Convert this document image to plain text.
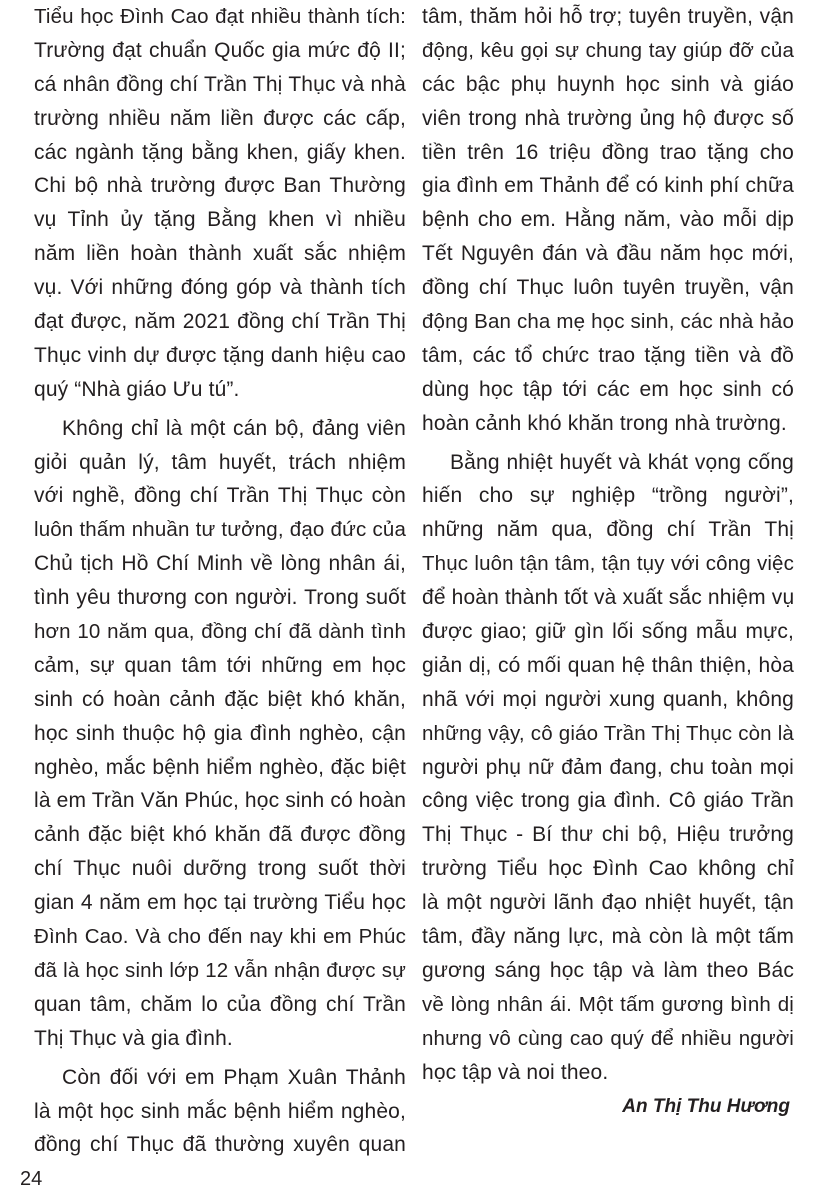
Tiểu học Đình Cao đạt nhiều thành tích:
Trường đạt chuẩn Quốc gia mức độ II;
cá nhân đồng chí Trần Thị Thục và nhà
trường nhiều năm liền được các cấp,
các ngành tặng bằng khen, giấy khen.
Chi bộ nhà trường được Ban Thường
vụ Tỉnh ủy tặng Bằng khen vì nhiều
năm liền hoàn thành xuất sắc nhiệm
vụ. Với những đóng góp và thành tích
đạt được, năm 2021 đồng chí Trần Thị
Thục vinh dự được tặng danh hiệu cao
quý “Nhà giáo Ưu tú”.
Không chỉ là một cán bộ, đảng viên
giỏi quản lý, tâm huyết, trách nhiệm
với nghề, đồng chí Trần Thị Thục còn
luôn thấm nhuần tư tưởng, đạo đức của
Chủ tịch Hồ Chí Minh về lòng nhân ái,
tình yêu thương con người. Trong suốt
hơn 10 năm qua, đồng chí đã dành tình
cảm, sự quan tâm tới những em học
sinh có hoàn cảnh đặc biệt khó khăn,
học sinh thuộc hộ gia đình nghèo, cận
nghèo, mắc bệnh hiểm nghèo, đặc biệt
là em Trần Văn Phúc, học sinh có hoàn
cảnh đặc biệt khó khăn đã được đồng
chí Thục nuôi dưỡng trong suốt thời
gian 4 năm em học tại trường Tiểu học
Đình Cao. Và cho đến nay khi em Phúc
đã là học sinh lớp 12 vẫn nhận được sự
quan tâm, chăm lo của đồng chí Trần
Thị Thục và gia đình.
Còn đối với em Phạm Xuân Thảnh
là một học sinh mắc bệnh hiểm nghèo,
đồng chí Thục đã thường xuyên quan
tâm, thăm hỏi hỗ trợ; tuyên truyền, vận
động, kêu gọi sự chung tay giúp đỡ của
các bậc phụ huynh học sinh và giáo
viên trong nhà trường ủng hộ được số
tiền trên 16 triệu đồng trao tặng cho
gia đình em Thảnh để có kinh phí chữa
bệnh cho em. Hằng năm, vào mỗi dịp
Tết Nguyên đán và đầu năm học mới,
đồng chí Thục luôn tuyên truyền, vận
động Ban cha mẹ học sinh, các nhà hảo
tâm, các tổ chức trao tặng tiền và đồ
dùng học tập tới các em học sinh có
hoàn cảnh khó khăn trong nhà trường.
Bằng nhiệt huyết và khát vọng cống
hiến cho sự nghiệp “trồng người”,
những năm qua, đồng chí Trần Thị
Thục luôn tận tâm, tận tụy với công việc
để hoàn thành tốt và xuất sắc nhiệm vụ
được giao; giữ gìn lối sống mẫu mực,
giản dị, có mối quan hệ thân thiện, hòa
nhã với mọi người xung quanh, không
những vậy, cô giáo Trần Thị Thục còn là
người phụ nữ đảm đang, chu toàn mọi
công việc trong gia đình. Cô giáo Trần
Thị Thục - Bí thư chi bộ, Hiệu trưởng
trường Tiểu học Đình Cao không chỉ
là một người lãnh đạo nhiệt huyết, tận
tâm, đầy năng lực, mà còn là một tấm
gương sáng học tập và làm theo Bác
về lòng nhân ái. Một tấm gương bình dị
nhưng vô cùng cao quý để nhiều người
học tập và noi theo.
An Thị Thu Hương
24
